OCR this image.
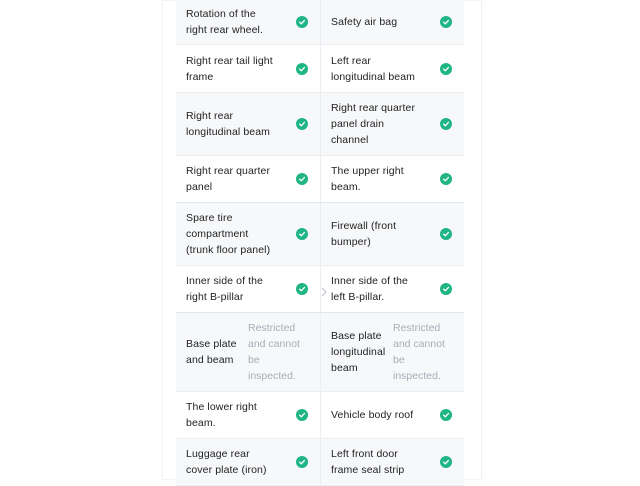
Rotation of the right rear wheel.
Safety air bag
Right rear tail light frame
Left rear longitudinal beam
Right rear longitudinal beam
Right rear quarter panel drain channel
Right rear quarter panel
The upper right beam.
Spare tire compartment (trunk floor panel)
Firewall (front bumper)
Inner side of the right B-pillar
Inner side of the left B-pillar.
Base plate and beam
Restricted and cannot be inspected.
Base plate longitudinal beam
Restricted and cannot be inspected.
The lower right beam.
Vehicle body roof
Luggage rear cover plate (iron)
Left front door frame seal strip
